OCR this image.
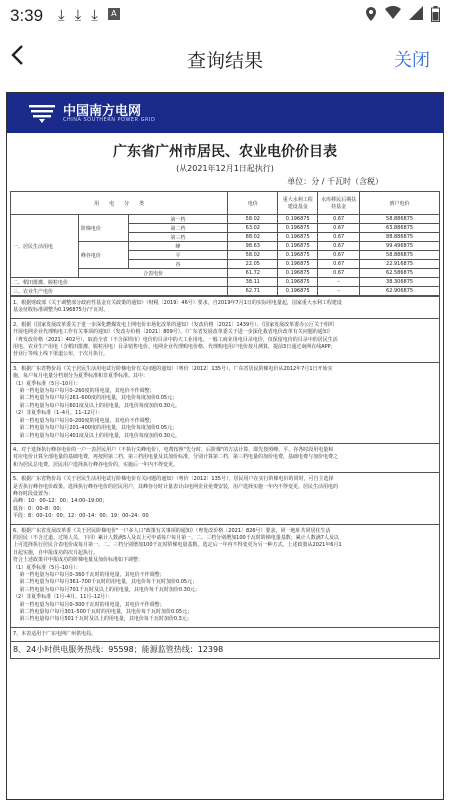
3:39 ⤓ ⤓ ⤓	A
查询结果	关闭
中国南方电网
CHINA SOUTHERN POWER GRID
广东省广州市居民、农业电价价目表
(从2021年12月1日起执行)
单位：分 / 千瓦时（含税）
用　　电　　分　　类			电价	重大水利工程建设基金	水库移民后期扶持基金	到户电价
一、居民生活用电	阶梯电价	第一档	58.02	0.196875	0.67	58.886875
		第二档	63.02	0.196875	0.67	63.886875
		第三档	88.02	0.196875	0.67	88.886875
	峰谷电价	峰	98.63	0.196875	0.67	99.496875
		平	58.02	0.196875	0.67	58.886875
		谷	22.05	0.196875	0.67	22.916875
	合表电价		61.72	0.196875	0.67	62.586875
二、稻田排灌、脱粒电价			38.11	0.196875	–	38.306875
三、农业生产电价			62.71	0.196875	–	62.906875
1、根据财政部《关于调整部分政府性基金有关政策的通知》（财税〔2019〕46号）要求，自2019年7月1日的实际用电量起，国家重大水利工程建设
基金征收标准调整为0.196875分/千瓦时。
2、根据《国家发展改革委关于进一步深化燃煤发电上网电价市场化改革的通知》（发改价格〔2021〕1439号）、《国家发展改革委办公厅关于组织
开展电网企业代理购电工作有关事项的通知》（发改办价格〔2021〕809号）、《广东省发展改革委关于进一步深化我省电价改革有关问题的通知》
（粤发改价格〔2021〕402号），取消全省（不含深圳市）电价的目录中的大工业用电、一般工商业用电目录电价，仅保留电价的目录中的居民生活
用电、农业生产用电（含稻田排灌、脱粒用电）目录销售电价。电网企业代理购电价格、代理购电用户电价按月测算，提前3日通过南网在线APP、
营业厅等线上线下渠道公布，于次月执行。
3、根据广东省物价局《关于居民生活用电试行阶梯电价有关问题的通知》（粤价〔2012〕135号），广东省居民阶梯电价从2012年7月1日开始实
施，每户每月电量分档划分为夏季标准和非夏季标准。其中：
（1）夏季标准（5月–10月）：
第一档电量为每户每月0–260度的用电量，其电价不作调整；
第二档电量为每户每月261–600度的用电量，其电价每度加价0.05元；
第三档电量为每户每月601度及以上的用电量，其电价每度加价0.30元。
（2）非夏季标准（1–4月、11–12月）：
第一档电量为每户每月0–200度的用电量，其电价不作调整；
第二档电量为每户每月201–400度的用电量，其电价每度加价0.05元；
第三档电量为每户每月401度及以上的用电量，其电价每度加价0.30元。
4、对于选择执行峰谷电价的一户一表居民用户（不执行尖峰电价），电费按照"先分时，后阶梯"的方法计算，即先按照峰、平、谷各时段用电量和
对应电价计算全部电量的基础电费，再按照第二档、第三档用电量及其加价标准，分别计算第二档、第三档电量的加价电费，基础电费与加价电费之
和为居民总电费。居民用户选择执行峰谷电价的，实施后一年内不得变更。
5、根据广东省物价局《关于居民生活用电试行阶梯电价有关问题的通知》（粤价〔2012〕135号），居民用户在实行阶梯电价的同时，可自主选择
是否执行峰谷电价政策。选择执行峰谷电价的居民用户，其峰谷分时计量表计由电网企业免费安装，用户选择实施一年内不得变更。居民生活用电的
峰谷时段设置为：
高峰：10：00–12：00；14:00–19:00；
低谷：0：00–8：00；
平段：8：00–10：00；12：00–14：00；19：00–24：00
6、根据广东省发展改革委《关于居民阶梯电价"一户多人口"政策有关事项的通知》（粤发改价格〔2021〕826号）要求，同一地址共同居住生活
的居民（不含过道、过境人员，下同）累计人数满5人及以上可申请每户每月第一、二、三档分别增加100千瓦时阶梯电量基数；累计人数满7人及以
上可选择执行居民合表电价或每月第一、二、三档分别增加100千瓦时阶梯电量基数。选定后一年内不得变更为另一种方式。上述政策从2021年6月1
日起实施，自申报成功的次月起执行。
符合上述政策并申报成功的阶梯电量及加价标准如下调整：
（1）夏季标准（5月–10月）：
第一档电量为每户每月0–360千瓦时的用电量，其电价不作调整；
第二档电量为每户每月361–700千瓦时的用电量，其电价每千瓦时加价0.05元；
第三档电量为每户每月701千瓦时及以上的用电量，其电价每千瓦时加价0.30元；
（2）非夏季标准（1月–4月、11月–12月）：
第一档电量为每户每月0–300千瓦时的用电量，其电价不作调整；
第二档电量每户每月301–500千瓦时的用电量，其电价每千瓦时加价0.05元；
第三档电量每户每月501千瓦时及以上的用电量，其电价每千瓦时加价0.3元；
7、本表适用于广东电网广州供电局。
8、24小时供电服务热线：95598；能源监管热线：12398
